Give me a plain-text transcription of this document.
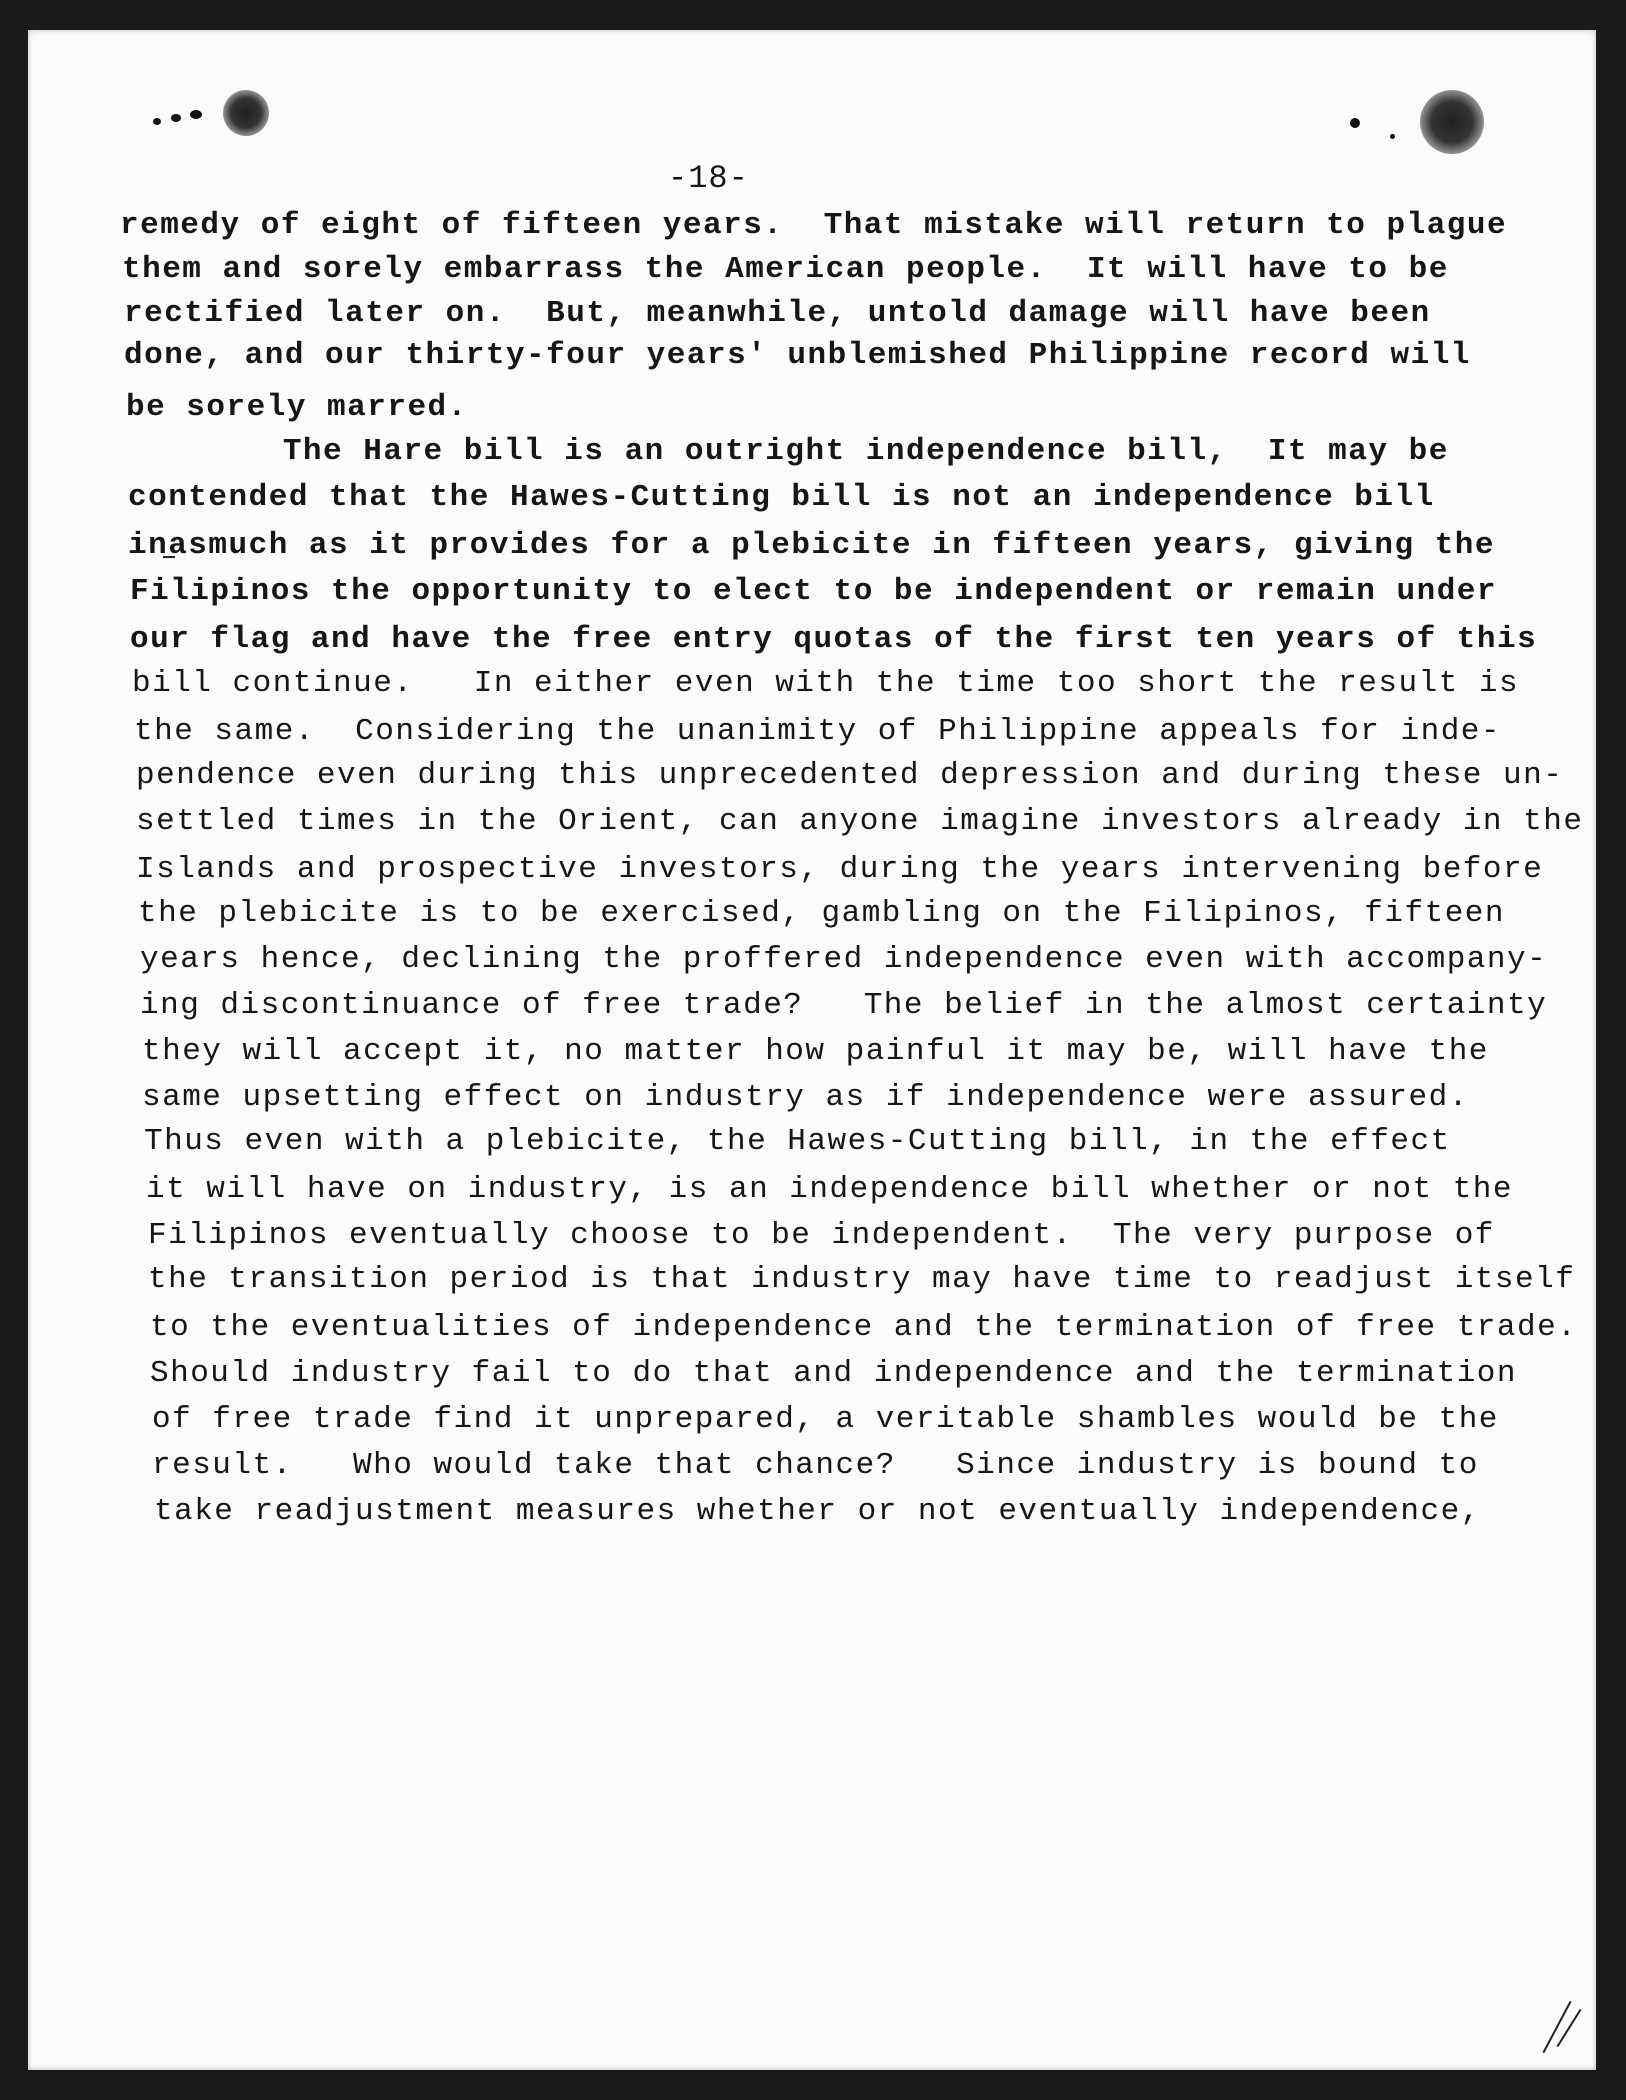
-18-
remedy of eight of fifteen years.  That mistake will return to plague
them and sorely embarrass the American people.  It will have to be
rectified later on.  But, meanwhile, untold damage will have been
done, and our thirty-four years' unblemished Philippine record will
be sorely marred.
The Hare bill is an outright independence bill,  It may be
contended that the Hawes-Cutting bill is not an independence bill
inasmuch as it provides for a plebicite in fifteen years, giving the
Filipinos the opportunity to elect to be independent or remain under
our flag and have the free entry quotas of the first ten years of this
bill continue.   In either even with the time too short the result is
the same.  Considering the unanimity of Philippine appeals for inde-
pendence even during this unprecedented depression and during these un-
settled times in the Orient, can anyone imagine investors already in the
Islands and prospective investors, during the years intervening before
the plebicite is to be exercised, gambling on the Filipinos, fifteen
years hence, declining the proffered independence even with accompany-
ing discontinuance of free trade?   The belief in the almost certainty
they will accept it, no matter how painful it may be, will have the
same upsetting effect on industry as if independence were assured.
Thus even with a plebicite, the Hawes-Cutting bill, in the effect
it will have on industry, is an independence bill whether or not the
Filipinos eventually choose to be independent.  The very purpose of
the transition period is that industry may have time to readjust itself
to the eventualities of independence and the termination of free trade.
Should industry fail to do that and independence and the termination
of free trade find it unprepared, a veritable shambles would be the
result.   Who would take that chance?   Since industry is bound to
take readjustment measures whether or not eventually independence,
